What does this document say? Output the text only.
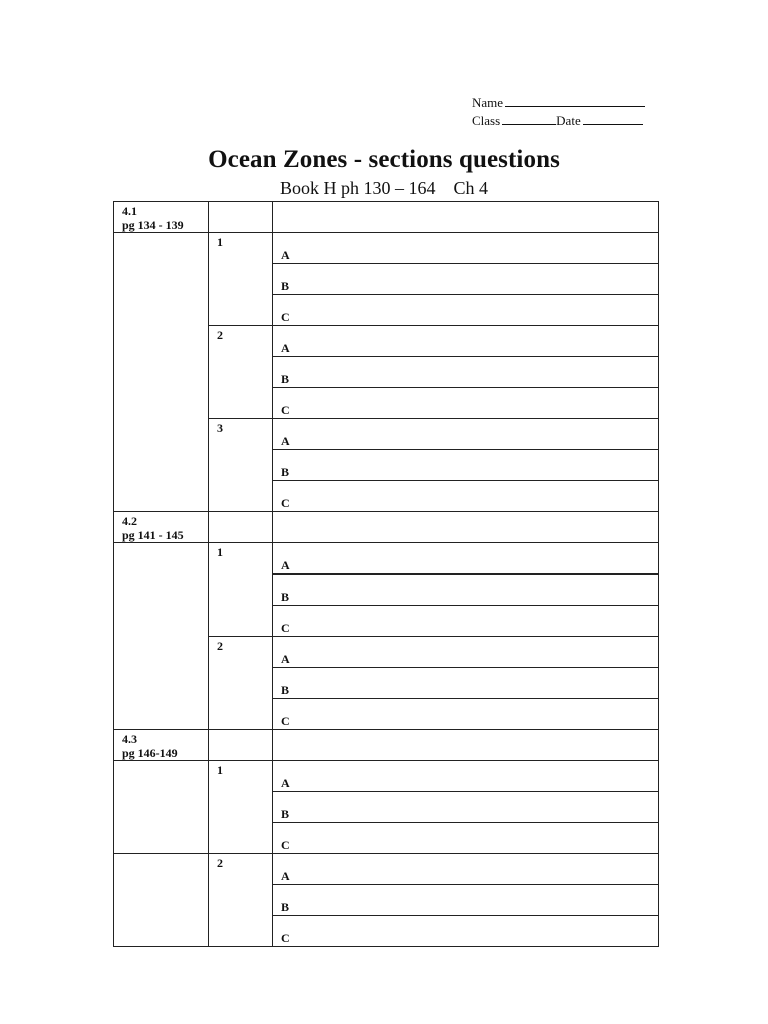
Name
Class	Date
Ocean Zones - sections questions
Book H ph 130 – 164    Ch 4
4.1
pg 134 - 139
1
A
B
C
2
A
B
C
3
A
B
C
4.2
pg 141 - 145
1
A
B
C
2
A
B
C
4.3
pg 146-149
1
A
B
C
2
A
B
C
